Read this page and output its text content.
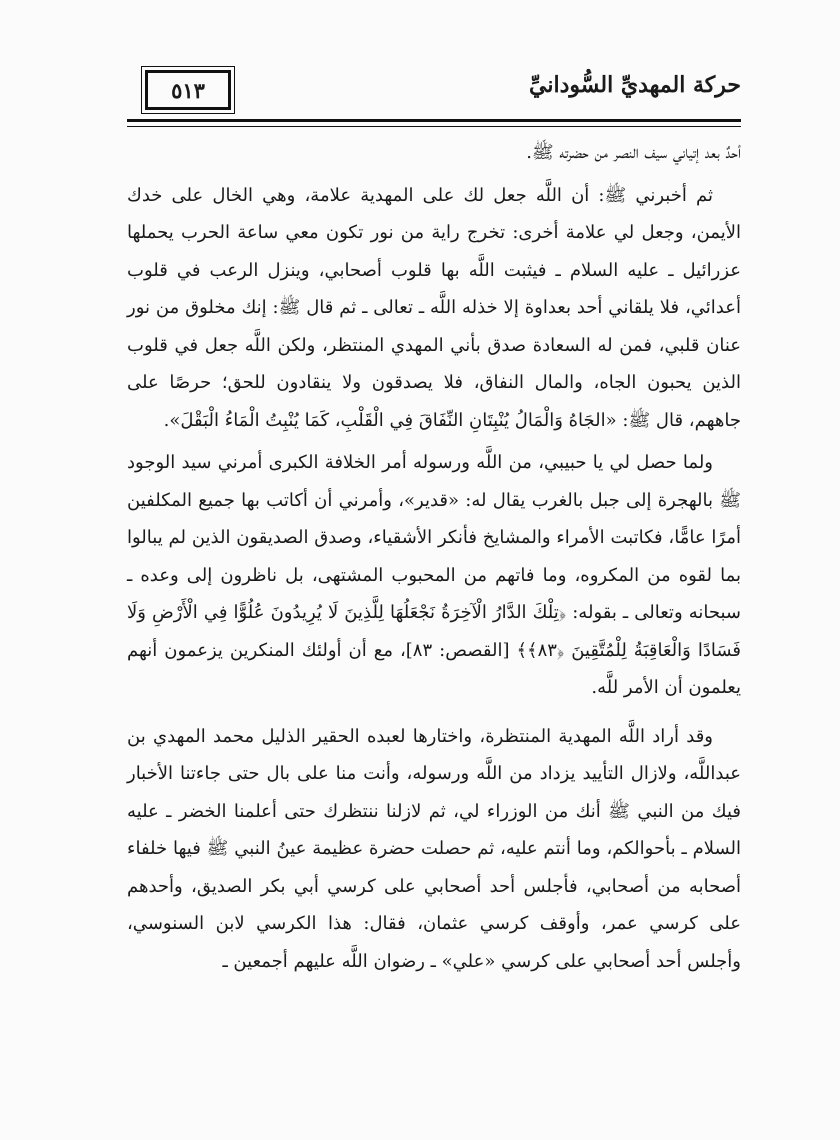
٥١٣	حركة المهديِّ السُّودانيِّ

أحدٌ بعد إتياني سيف النصر من حضرته ﷺ.

ثم أخبرني ﷺ: أن اللَّه جعل لك على المهدية علامة، وهي الخال على خدك الأيمن، وجعل لي علامة أخرى: تخرج راية من نور تكون معي ساعة الحرب يحملها عزرائيل ـ عليه السلام ـ فيثبت اللَّه بها قلوب أصحابي، وينزل الرعب في قلوب أعدائي، فلا يلقاني أحد بعداوة إلا خذله اللَّه ـ تعالى ـ ثم قال ﷺ: إنك مخلوق من نور عنان قلبي، فمن له السعادة صدق بأني المهدي المنتظر، ولكن اللَّه جعل في قلوب الذين يحبون الجاه، والمال النفاق، فلا يصدقون ولا ينقادون للحق؛ حرصًا على جاههم، قال ﷺ: «الجَاهُ وَالْمَالُ يُنْبِتَانِ النِّفَاقَ فِي الْقَلْبِ، كَمَا يُنْبِتُ الْمَاءُ الْبَقْلَ».

ولما حصل لي يا حبيبي، من اللَّه ورسوله أمر الخلافة الكبرى أمرني سيد الوجود ﷺ بالهجرة إلى جبل بالغرب يقال له: «قدير»، وأمرني أن أكاتب بها جميع المكلفين أمرًا عامًّا، فكاتبت الأمراء والمشايخ فأنكر الأشقياء، وصدق الصديقون الذين لم يبالوا بما لقوه من المكروه، وما فاتهم من المحبوب المشتهى، بل ناظرون إلى وعده ـ سبحانه وتعالى ـ بقوله: ﴿تِلْكَ الدَّارُ الْآخِرَةُ نَجْعَلُهَا لِلَّذِينَ لَا يُرِيدُونَ عُلُوًّا فِي الْأَرْضِ وَلَا فَسَادًا وَالْعَاقِبَةُ لِلْمُتَّقِينَ ﴿٨٣﴾﴾ [القصص: ٨٣]، مع أن أولئك المنكرين يزعمون أنهم يعلمون أن الأمر للَّه.

وقد أراد اللَّه المهدية المنتظرة، واختارها لعبده الحقير الذليل محمد المهدي بن عبداللَّه، ولازال التأييد يزداد من اللَّه ورسوله، وأنت منا على بال حتى جاءتنا الأخبار فيك من النبي ﷺ أنك من الوزراء لي، ثم لازلنا ننتظرك حتى أعلمنا الخضر ـ عليه السلام ـ بأحوالكم، وما أنتم عليه، ثم حصلت حضرة عظيمة عينُ النبي ﷺ فيها خلفاء أصحابه من أصحابي، فأجلس أحد أصحابي على كرسي أبي بكر الصديق، وأحدهم على كرسي عمر، وأوقف كرسي عثمان، فقال: هذا الكرسي لابن السنوسي، وأجلس أحد أصحابي على كرسي «علي» ـ رضوان اللَّه عليهم أجمعين ـ
